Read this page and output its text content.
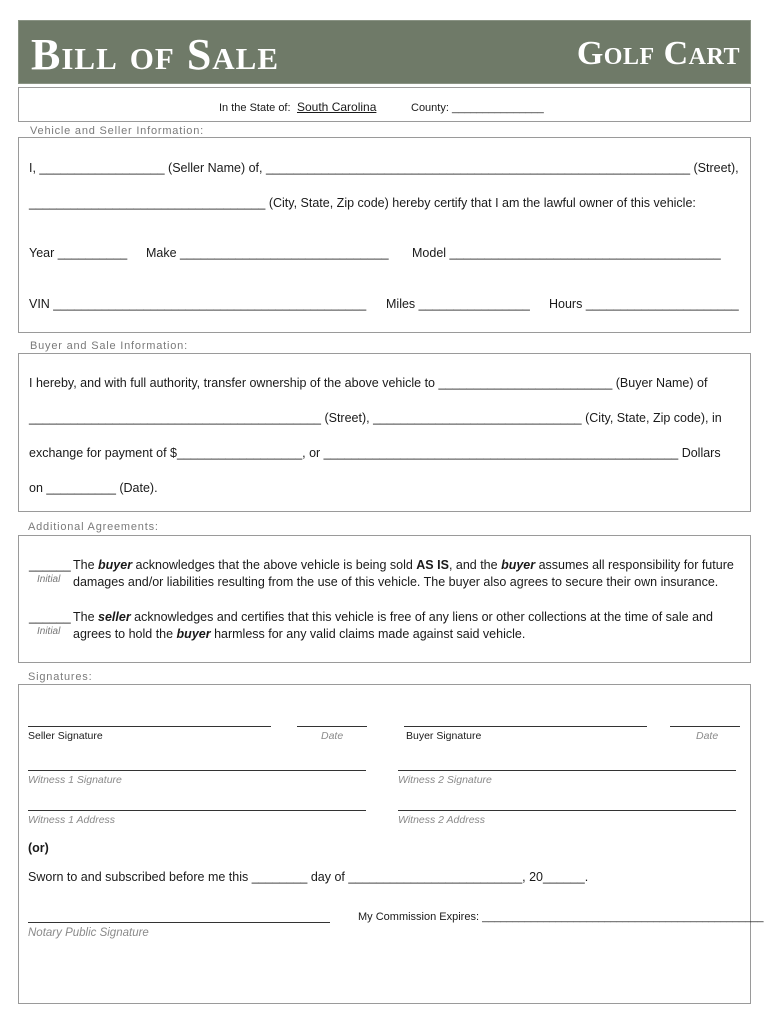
Bill of Sale	Golf Cart
In the State of: South Carolina	County: _______________
Vehicle and Seller Information:
I, __________________ (Seller Name) of, _____________________________________________________________ (Street),
__________________________________ (City, State, Zip code) hereby certify that I am the lawful owner of this vehicle:
Year __________ Make ______________________________ Model _______________________________________
VIN _____________________________________________ Miles ________________ Hours ______________________
Buyer and Sale Information:
I hereby, and with full authority, transfer ownership of the above vehicle to _________________________ (Buyer Name) of
__________________________________________ (Street), ______________________________ (City, State, Zip code), in
exchange for payment of $__________________, or ___________________________________________________ Dollars
on __________ (Date).
Additional Agreements:
______
Initial
The buyer acknowledges that the above vehicle is being sold AS IS, and the buyer assumes all responsibility for future damages and/or liabilities resulting from the use of this vehicle. The buyer also agrees to secure their own insurance.
______
Initial
The seller acknowledges and certifies that this vehicle is free of any liens or other collections at the time of sale and agrees to hold the buyer harmless for any valid claims made against said vehicle.
Signatures:
Seller Signature	Date	Buyer Signature	Date
Witness 1 Signature	Witness 2 Signature
Witness 1 Address	Witness 2 Address
(or)
Sworn to and subscribed before me this ________ day of _________________________, 20______.
Notary Public Signature
My Commission Expires: ______________________________________________
